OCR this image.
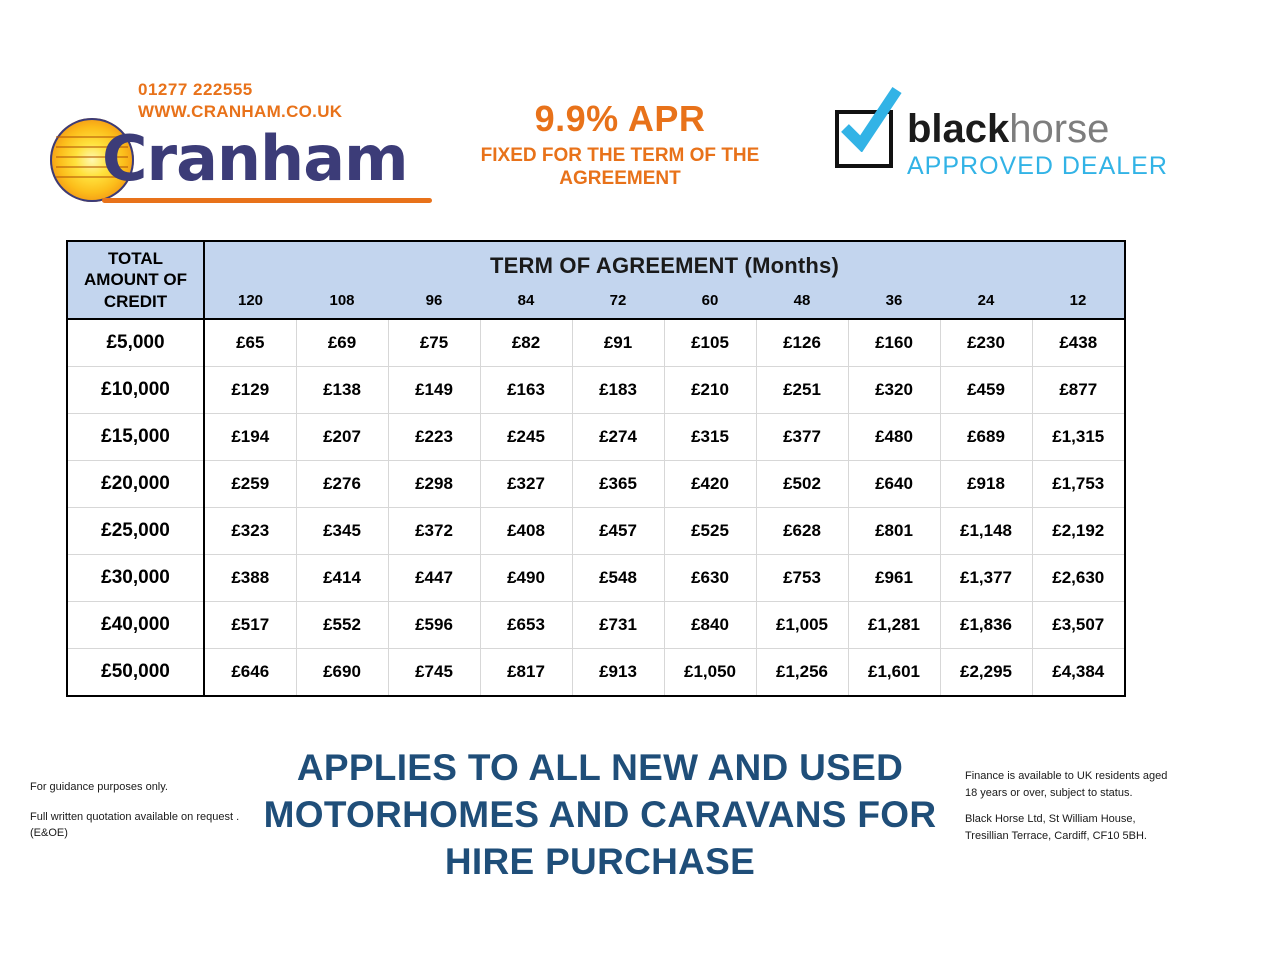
01277 222555
WWW.CRANHAM.CO.UK
Cranham
9.9% APR
FIXED FOR THE TERM OF THE AGREEMENT
blackhorse
APPROVED DEALER
TOTAL AMOUNT OF CREDIT	TERM OF AGREEMENT (Months)									
	120	108	96	84	72	60	48	36	24	12
£5,000	£65	£69	£75	£82	£91	£105	£126	£160	£230	£438
£10,000	£129	£138	£149	£163	£183	£210	£251	£320	£459	£877
£15,000	£194	£207	£223	£245	£274	£315	£377	£480	£689	£1,315
£20,000	£259	£276	£298	£327	£365	£420	£502	£640	£918	£1,753
£25,000	£323	£345	£372	£408	£457	£525	£628	£801	£1,148	£2,192
£30,000	£388	£414	£447	£490	£548	£630	£753	£961	£1,377	£2,630
£40,000	£517	£552	£596	£653	£731	£840	£1,005	£1,281	£1,836	£3,507
£50,000	£646	£690	£745	£817	£913	£1,050	£1,256	£1,601	£2,295	£4,384

For guidance purposes only.

Full written quotation available on request . (E&OE)

APPLIES TO ALL NEW AND USED MOTORHOMES AND CARAVANS FOR HIRE PURCHASE

Finance is available to UK residents aged 18 years or over, subject to status.

Black Horse Ltd, St William House, Tresillian Terrace, Cardiff, CF10 5BH.
